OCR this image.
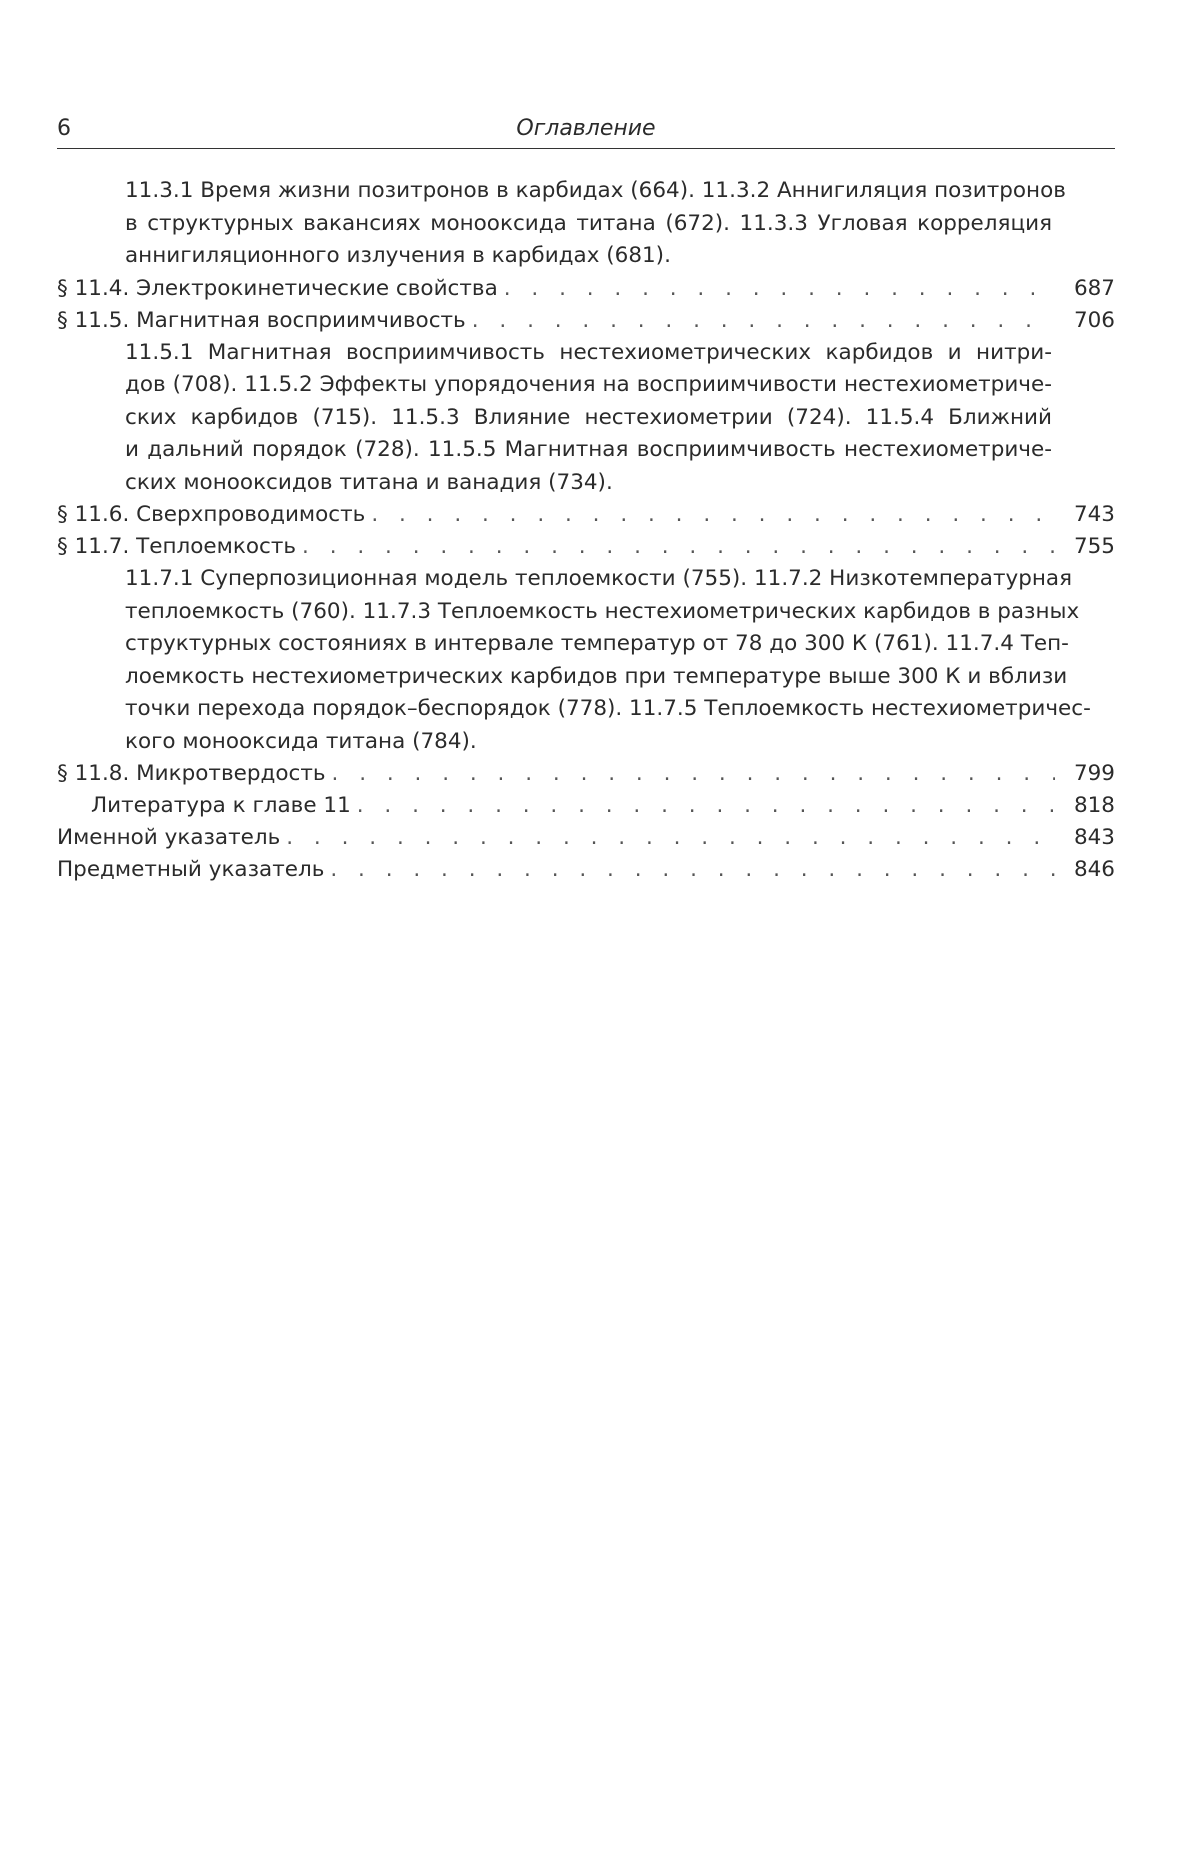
6	Оглавление
11.3.1 Время жизни позитронов в карбидах (664). 11.3.2 Аннигиляция позитронов
в структурных вакансиях монооксида титана (672). 11.3.3 Угловая корреляция
аннигиляционного излучения в карбидах (681).
§ 11.4. Электрокинетические свойства . . .	687
§ 11.5. Магнитная восприимчивость . . .	706
11.5.1 Магнитная восприимчивость нестехиометрических карбидов и нитри-
дов (708). 11.5.2 Эффекты упорядочения на восприимчивости нестехиометриче-
ских карбидов (715). 11.5.3 Влияние нестехиометрии (724). 11.5.4 Ближний
и дальний порядок (728). 11.5.5 Магнитная восприимчивость нестехиометриче-
ских монооксидов титана и ванадия (734).
§ 11.6. Сверхпроводимость . . .	743
§ 11.7. Теплоемкость . . .	755
11.7.1 Суперпозиционная модель теплоемкости (755). 11.7.2 Низкотемпературная
теплоемкость (760). 11.7.3 Теплоемкость нестехиометрических карбидов в разных
структурных состояниях в интервале температур от 78 до 300 К (761). 11.7.4 Теп-
лоемкость нестехиометрических карбидов при температуре выше 300 К и вблизи
точки перехода порядок–беспорядок (778). 11.7.5 Теплоемкость нестехиометричес-
кого монооксида титана (784).
§ 11.8. Микротвердость . . .	799
Литература к главе 11 . . .	818
Именной указатель . . .	843
Предметный указатель . . .	846
